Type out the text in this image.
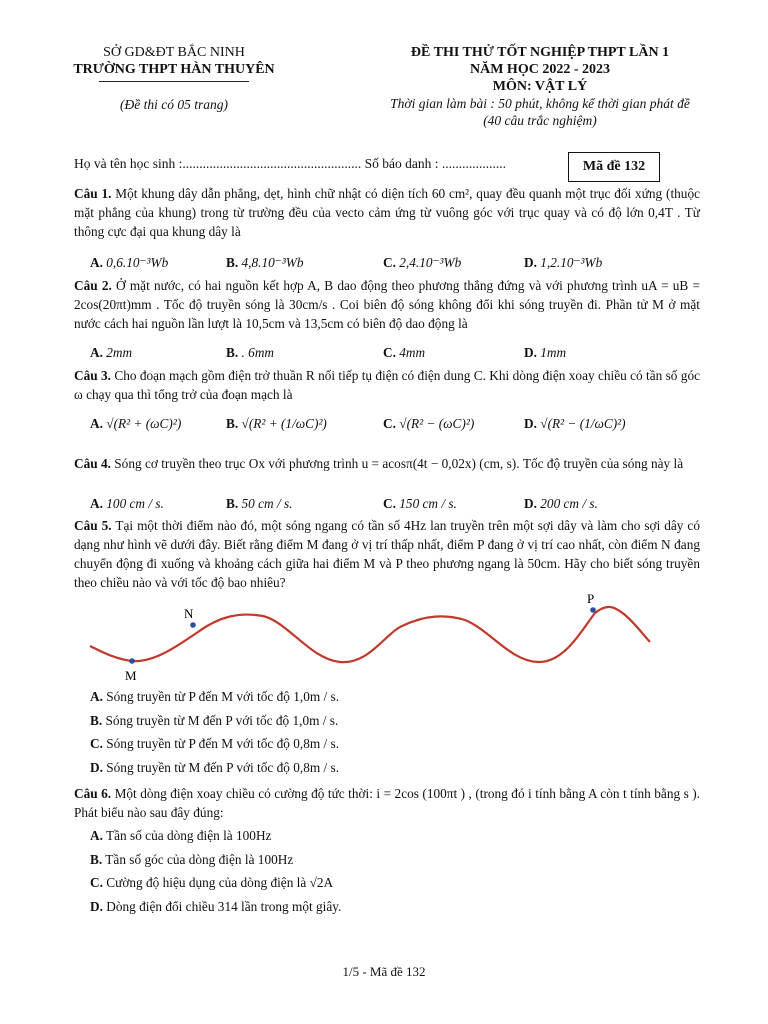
SỞ GD&ĐT BẮC NINH
TRƯỜNG THPT HÀN THUYÊN
(Đề thi có 05 trang)
ĐỀ THI THỬ TỐT NGHIỆP THPT LẦN 1
NĂM HỌC 2022 - 2023
MÔN: VẬT LÝ
Thời gian làm bài : 50 phút, không kể thời gian phát đề
(40 câu trắc nghiệm)
Họ và tên học sinh :..................................................... Số báo danh : ...................	Mã đề 132
Câu 1. Một khung dây dẫn phẳng, dẹt, hình chữ nhật có diện tích 60 cm², quay đều quanh một trục đối xứng (thuộc mặt phẳng của khung) trong từ trường đều của vecto cảm ứng từ vuông góc với trục quay và có độ lớn 0,4T . Từ thông cực đại qua khung dây là
A. 0,6.10⁻³Wb	B. 4,8.10⁻³Wb	C. 2,4.10⁻³Wb	D. 1,2.10⁻³Wb
Câu 2. Ở mặt nước, có hai nguồn kết hợp A, B dao động theo phương thẳng đứng và với phương trình uA = uB = 2cos(20πt)mm . Tốc độ truyền sóng là 30cm/s . Coi biên độ sóng không đổi khi sóng truyền đi. Phần tử M ở mặt nước cách hai nguồn lần lượt là 10,5cm và 13,5cm có biên độ dao động là
A. 2mm	B. . 6mm	C. 4mm	D. 1mm
Câu 3. Cho đoạn mạch gồm điện trở thuần R nối tiếp tụ điện có điện dung C. Khi dòng điện xoay chiều có tần số góc ω chạy qua thì tổng trở của đoạn mạch là
A. √(R² + (ωC)²)	B. √(R² + (1/ωC)²)	C. √(R² − (ωC)²)	D. √(R² − (1/ωC)²)
Câu 4. Sóng cơ truyền theo trục Ox với phương trình u = acosπ(4t − 0,02x) (cm, s). Tốc độ truyền của sóng này là
A. 100 cm / s.	B. 50 cm / s.	C. 150 cm / s.	D. 200 cm / s.
Câu 5. Tại một thời điểm nào đó, một sóng ngang có tần số 4Hz lan truyền trên một sợi dây và làm cho sợi dây có dạng như hình vẽ dưới đây. Biết rằng điểm M đang ở vị trí thấp nhất, điểm P đang ở vị trí cao nhất, còn điểm N đang chuyển động đi xuống và khoảng cách giữa hai điểm M và P theo phương ngang là 50cm. Hãy cho biết sóng truyền theo chiều nào và với tốc độ bao nhiêu?
N
M
P
A. Sóng truyền từ P đến M với tốc độ 1,0m / s.
B. Sóng truyền từ M đến P với tốc độ 1,0m / s.
C. Sóng truyền từ P đến M với tốc độ 0,8m / s.
D. Sóng truyền từ M đến P với tốc độ 0,8m / s.
Câu 6. Một dòng điện xoay chiều có cường độ tức thời: i = 2cos (100πt ) , (trong đó i tính bằng A còn t tính bằng s ). Phát biểu nào sau đây đúng:
A. Tần số của dòng điện là 100Hz
B. Tần số góc của dòng điện là 100Hz
C. Cường độ hiệu dụng của dòng điện là √2A
D. Dòng điện đổi chiều 314 lần trong một giây.
1/5 - Mã đề 132
